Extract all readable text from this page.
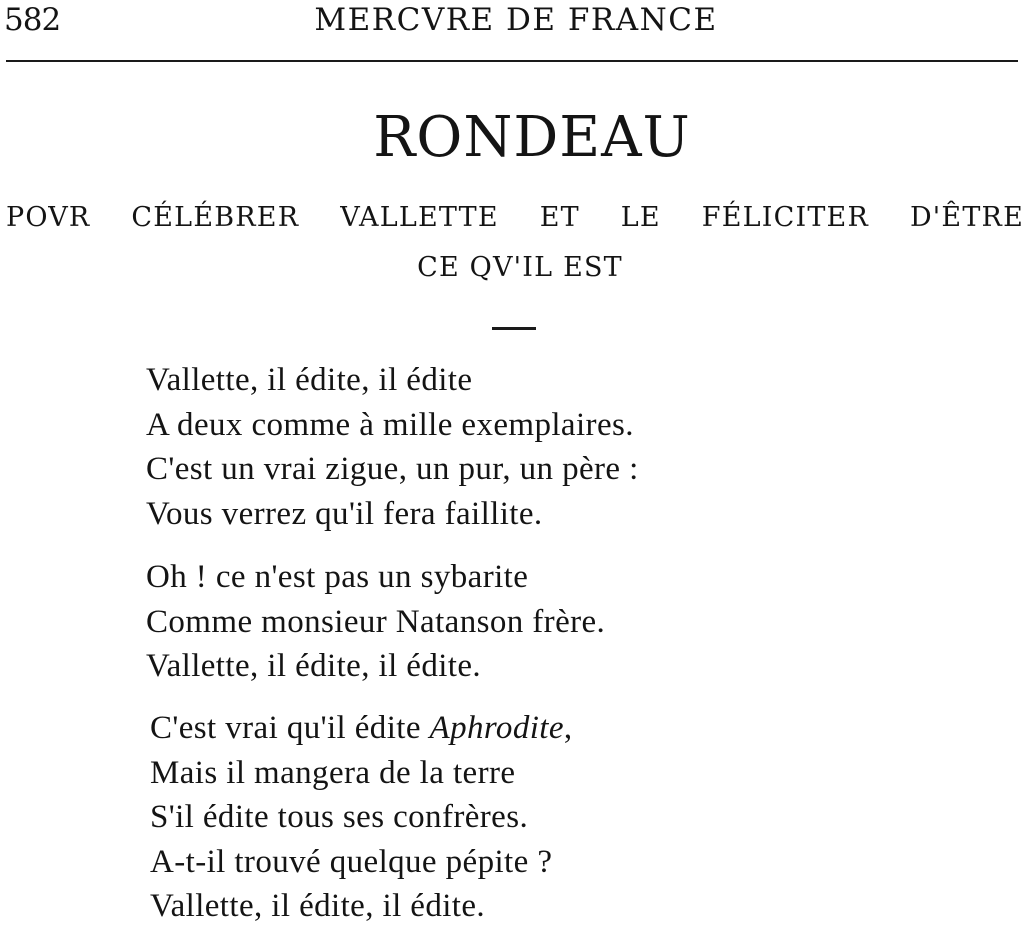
582	MERCVRE DE FRANCE
RONDEAU
POVR CÉLÉBRER VALLETTE ET LE FÉLICITER D'ÊTRE
CE QV'IL EST
Vallette, il édite, il édite
A deux comme à mille exemplaires.
C'est un vrai zigue, un pur, un père :
Vous verrez qu'il fera faillite.
Oh ! ce n'est pas un sybarite
Comme monsieur Natanson frère.
Vallette, il édite, il édite.
C'est vrai qu'il édite Aphrodite,
Mais il mangera de la terre
S'il édite tous ses confrères.
A-t-il trouvé quelque pépite ?
Vallette, il édite, il édite.
